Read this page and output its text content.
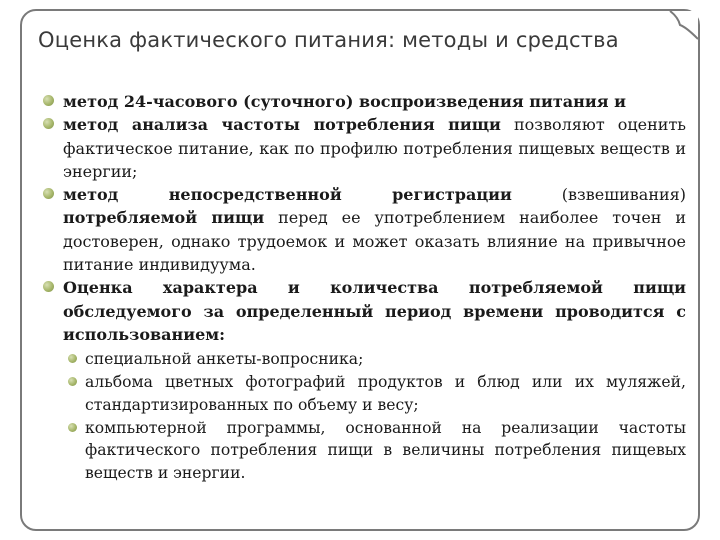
Оценка фактического питания: методы и средства
метод 24-часового (суточного) воспроизведения питания и
метод анализа частоты потребления пищи позволяют оценить фактическое питание, как по профилю потребления пищевых веществ и энергии;
метод непосредственной регистрации (взвешивания) потребляемой пищи перед ее употреблением наиболее точен и достоверен, однако трудоемок и может оказать влияние на привычное питание индивидуума.
Оценка характера и количества потребляемой пищи обследуемого за определенный период времени проводится с использованием:
специальной анкеты-вопросника;
альбома цветных фотографий продуктов и блюд или их муляжей, стандартизированных по объему и весу;
компьютерной программы, основанной на реализации частоты фактического потребления пищи в величины потребления пищевых веществ и энергии.
